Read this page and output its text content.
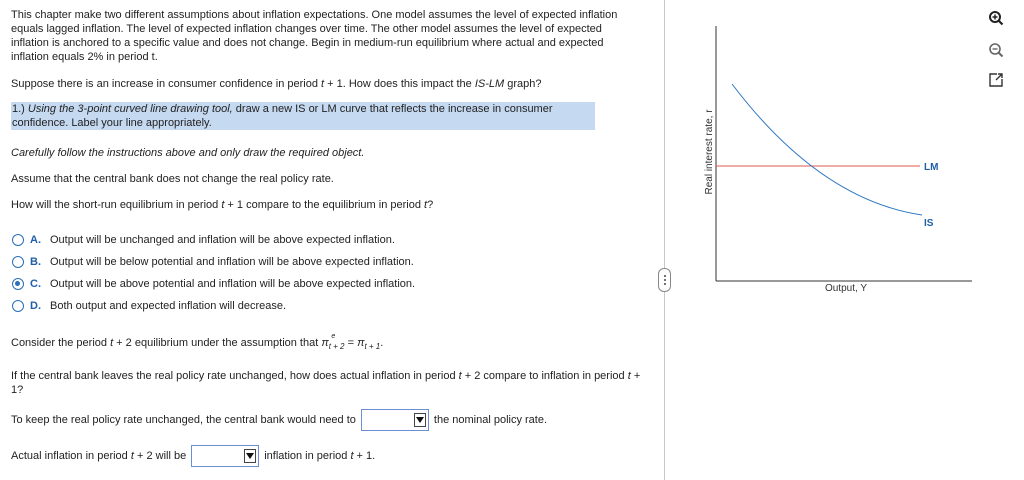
This chapter make two different assumptions about inflation expectations. One model assumes the level of expected inflation equals lagged inflation. The level of expected inflation changes over time. The other model assumes the level of expected inflation is anchored to a specific value and does not change. Begin in medium-run equilibrium where actual and expected inflation equals 2% in period t.
Suppose there is an increase in consumer confidence in period t + 1. How does this impact the IS-LM graph?
1.) Using the 3-point curved line drawing tool, draw a new IS or LM curve that reflects the increase in consumer confidence. Label your line appropriately.
Carefully follow the instructions above and only draw the required object.
Assume that the central bank does not change the real policy rate.
How will the short-run equilibrium in period t + 1 compare to the equilibrium in period t?
A. Output will be unchanged and inflation will be above expected inflation.
B. Output will be below potential and inflation will be above expected inflation.
C. Output will be above potential and inflation will be above expected inflation.
D. Both output and expected inflation will decrease.
Consider the period t + 2 equilibrium under the assumption that π
e
$_{t + 2} = \pi_{t + 1}$.
If the central bank leaves the real policy rate unchanged, how does actual inflation in period t + 2 compare to inflation in period t + 1?
To keep the real policy rate unchanged, the central bank would need to	the nominal policy rate.
Actual inflation in period t + 2 will be	inflation in period t + 1.
LM
IS
Output, Y
Real interest rate, r
